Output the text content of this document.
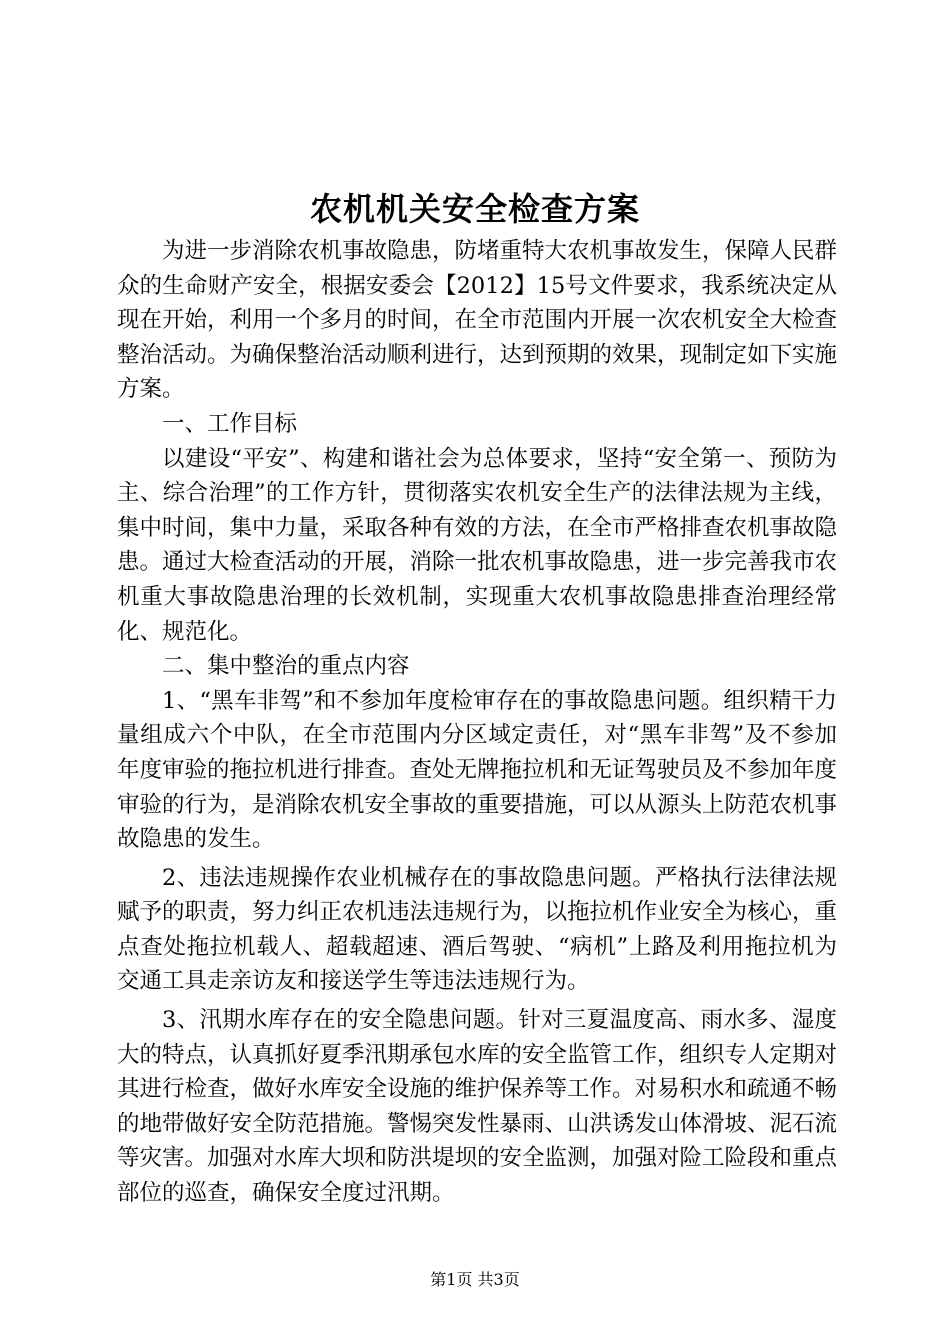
农机机关安全检查方案

为进一步消除农机事故隐患，防堵重特大农机事故发生，保障人民群众的生命财产安全，根据安委会【2012】15号文件要求，我系统决定从现在开始，利用一个多月的时间，在全市范围内开展一次农机安全大检查整治活动。为确保整治活动顺利进行，达到预期的效果，现制定如下实施方案。

一、工作目标

以建设“平安”、构建和谐社会为总体要求，坚持“安全第一、预防为主、综合治理”的工作方针，贯彻落实农机安全生产的法律法规为主线，集中时间，集中力量，采取各种有效的方法，在全市严格排查农机事故隐患。通过大检查活动的开展，消除一批农机事故隐患，进一步完善我市农机重大事故隐患治理的长效机制，实现重大农机事故隐患排查治理经常化、规范化。

二、集中整治的重点内容

1、“黑车非驾”和不参加年度检审存在的事故隐患问题。组织精干力量组成六个中队，在全市范围内分区域定责任，对“黑车非驾”及不参加年度审验的拖拉机进行排查。查处无牌拖拉机和无证驾驶员及不参加年度审验的行为，是消除农机安全事故的重要措施，可以从源头上防范农机事故隐患的发生。

2、违法违规操作农业机械存在的事故隐患问题。严格执行法律法规赋予的职责，努力纠正农机违法违规行为，以拖拉机作业安全为核心，重点查处拖拉机载人、超载超速、酒后驾驶、“病机”上路及利用拖拉机为交通工具走亲访友和接送学生等违法违规行为。

3、汛期水库存在的安全隐患问题。针对三夏温度高、雨水多、湿度大的特点，认真抓好夏季汛期承包水库的安全监管工作，组织专人定期对其进行检查，做好水库安全设施的维护保养等工作。对易积水和疏通不畅的地带做好安全防范措施。警惕突发性暴雨、山洪诱发山体滑坡、泥石流等灾害。加强对水库大坝和防洪堤坝的安全监测，加强对险工险段和重点部位的巡查，确保安全度过汛期。

第1页 共3页
